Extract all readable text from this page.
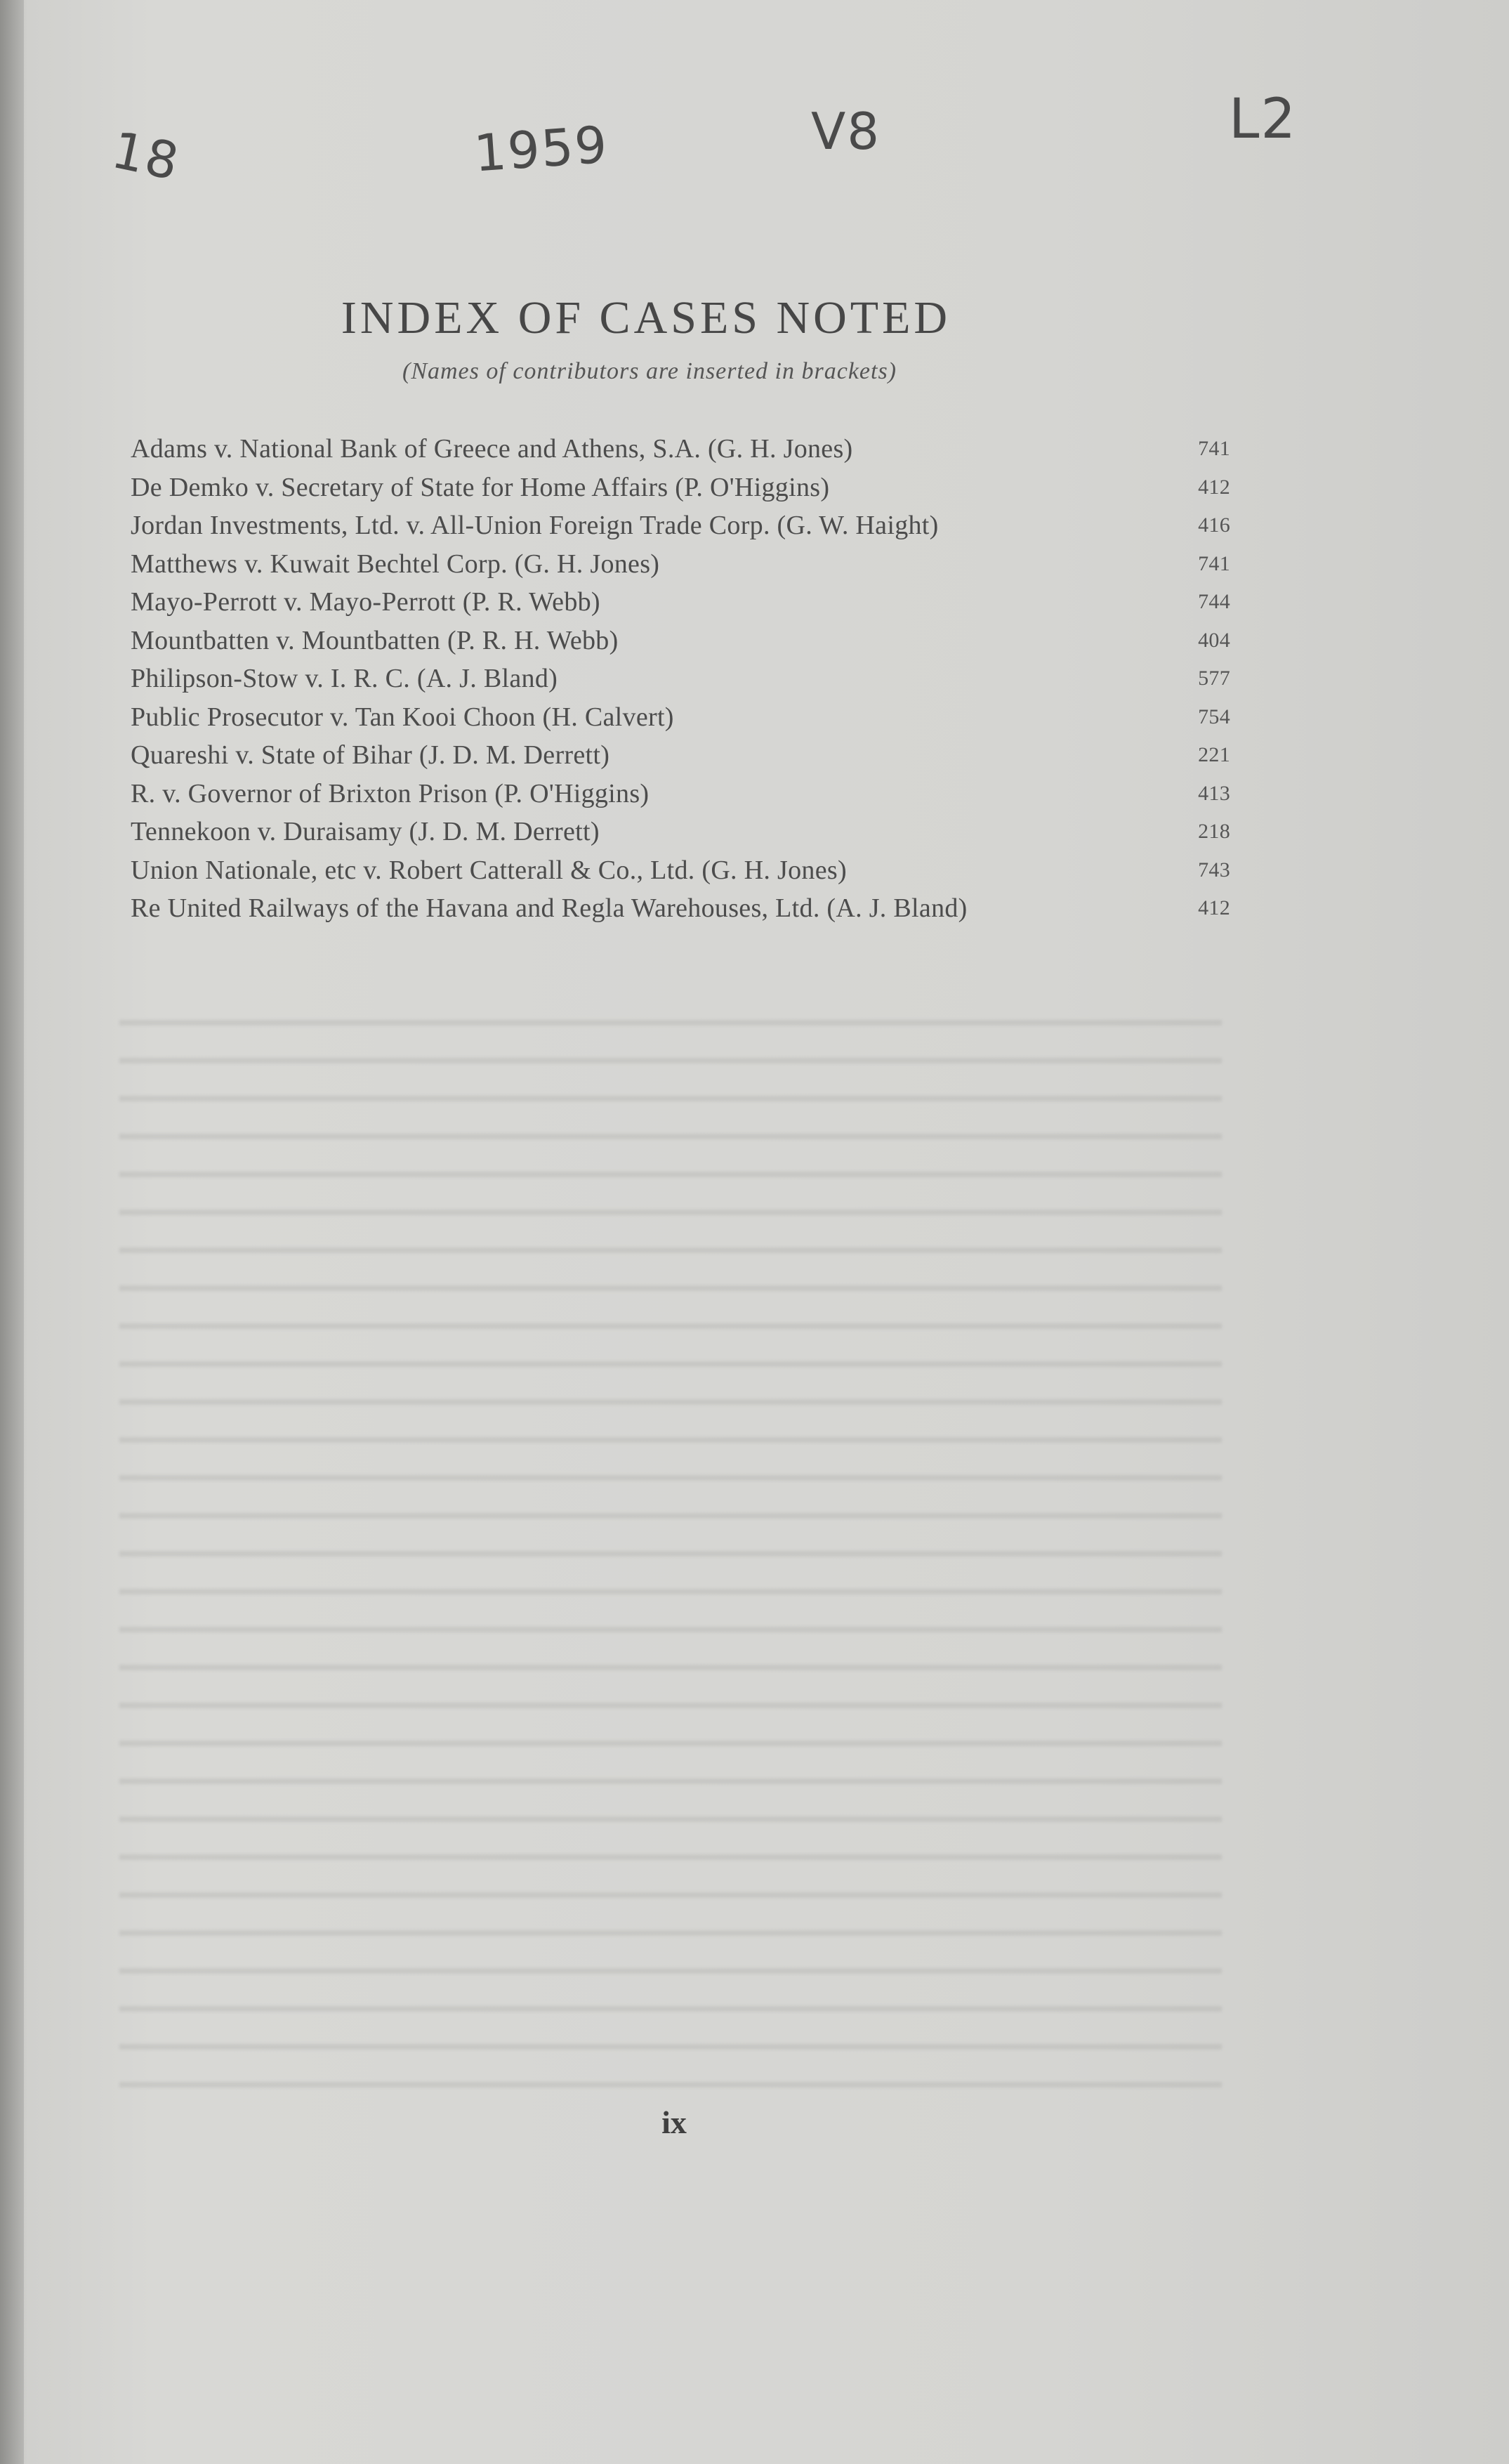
18	1959	V8	L2
INDEX OF CASES NOTED
(Names of contributors are inserted in brackets)
Adams v. National Bank of Greece and Athens, S.A. (G. H. Jones)	741
De Demko v. Secretary of State for Home Affairs (P. O'Higgins)	412
Jordan Investments, Ltd. v. All-Union Foreign Trade Corp. (G. W. Haight)	416
Matthews v. Kuwait Bechtel Corp. (G. H. Jones)	741
Mayo-Perrott v. Mayo-Perrott (P. R. Webb)	744
Mountbatten v. Mountbatten (P. R. H. Webb)	404
Philipson-Stow v. I. R. C. (A. J. Bland)	577
Public Prosecutor v. Tan Kooi Choon (H. Calvert)	754
Quareshi v. State of Bihar (J. D. M. Derrett)	221
R. v. Governor of Brixton Prison (P. O'Higgins)	413
Tennekoon v. Duraisamy (J. D. M. Derrett)	218
Union Nationale, etc v. Robert Catterall & Co., Ltd. (G. H. Jones)	743
Re United Railways of the Havana and Regla Warehouses, Ltd. (A. J. Bland)	412
ix
